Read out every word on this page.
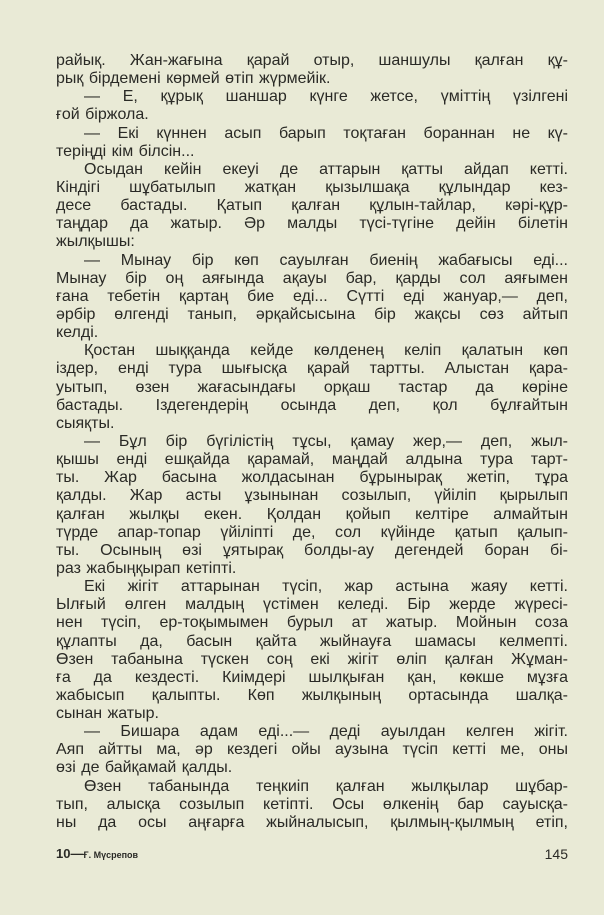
райық. Жан-жағына қарай отыр, шаншулы қалған құ-
рық бірдемені көрмей өтіп жүрмейік.
— Е, құрық шаншар күнге жетсе, үміттің үзілгені
ғой біржола.
— Екі күннен асып барып тоқтаған бораннан не кү-
теріңді кім білсін...
Осыдан кейін екеуі де аттарын қатты айдап кетті.
Кіндігі шұбатылып жатқан қызылшақа құлындар кез-
десе бастады. Қатып қалған құлын-тайлар, кәрі-құр-
таңдар да жатыр. Әр малды түсі-түгіне дейін білетін
жылқышы:
— Мынау бір көп сауылған биенің жабағысы еді...
Мынау бір оң аяғында ақауы бар, қарды сол аяғымен
ғана тебетін қартаң бие еді... Сүтті еді жануар,— деп,
әрбір өлгенді танып, әрқайсысына бір жақсы сөз айтып
келді.
Қостан шыққанда кейде көлденең келіп қалатын көп
іздер, енді тура шығысқа қарай тартты. Алыстан қара-
уытып, өзен жағасындағы орқаш тастар да көріне
бастады. Іздегендерің осында деп, қол бұлғайтын
сыяқты.
— Бұл бір бүгілістің тұсы, қамау жер,— деп, жыл-
қышы енді ешқайда қарамай, маңдай алдына тура тарт-
ты. Жар басына жолдасынан бұрынырақ жетіп, тұра
қалды. Жар асты ұзынынан созылып, үйіліп қырылып
қалған жылқы екен. Қолдан қойып келтіре алмайтын
түрде апар-топар үйіліпті де, сол күйінде қатып қалып-
ты. Осының өзі ұятырақ болды-ау дегендей боран бі-
раз жабыңқырап кетіпті.
Екі жігіт аттарынан түсіп, жар астына жаяу кетті.
Ылғый өлген малдың үстімен келеді. Бір жерде жүресі-
нен түсіп, ер-тоқымымен бурыл ат жатыр. Мойнын соза
құлапты да, басын қайта жыйнауға шамасы келмепті.
Өзен табанына түскен соң екі жігіт өліп қалған Жұман-
ға да кездесті. Киімдері шылқыған қан, көкше мұзға
жабысып қалыпты. Көп жылқының ортасында шалқа-
сынан жатыр.
— Бишара адам еді...— деді ауылдан келген жігіт.
Аяп айтты ма, әр кездегі ойы аузына түсіп кетті ме, оны
өзі де байқамай қалды.
Өзен табанында теңкиіп қалған жылқылар шұбар-
тып, алысқа созылып кетіпті. Осы өлкенің бар сауысқа-
ны да осы аңғарға жыйналысып, қылмың-қылмың етіп,
10—Ғ. Мүсрепов	145
